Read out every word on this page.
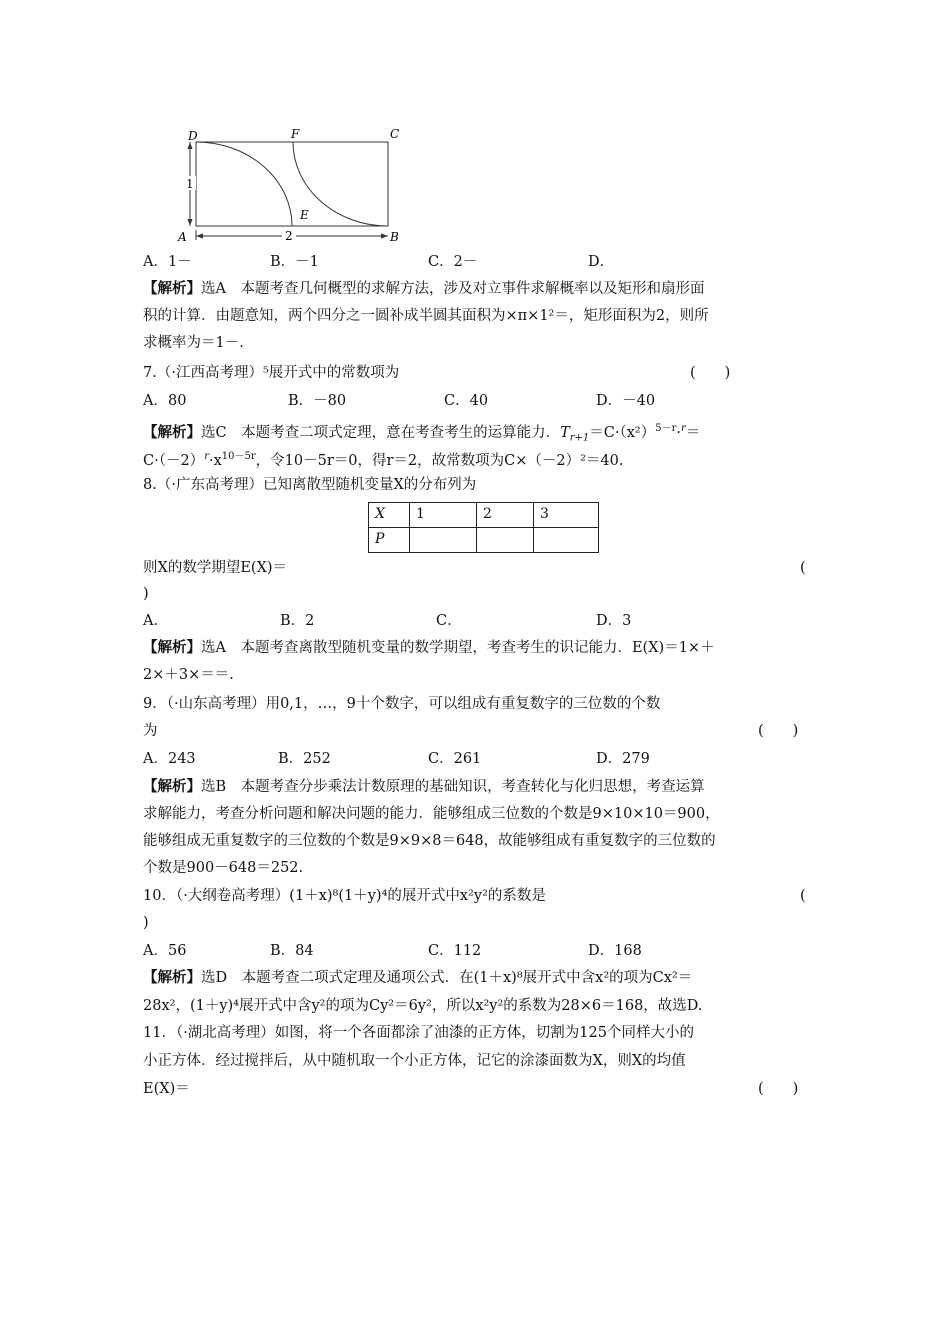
1
2
D	F	C
E
A	B
A．1－	B．－1	C．2－	D．
【解析】选A　本题考查几何概型的求解方法，涉及对立事件求解概率以及矩形和扇形面
积的计算．由题意知，两个四分之一圆补成半圆其面积为×π×1²＝，矩形面积为2，则所
求概率为＝1－.
7.（·江西高考理）⁵展开式中的常数项为	(　　)
A．80	B．－80	C．40	D．－40
【解析】选C　本题考查二项式定理，意在考查考生的运算能力．$T_{r+1}=C\cdot(x^2)^{5-r}\cdot^r=$
$C\cdot(-2)^r\cdot x^{10-5r}$，令10－5r＝0，得r＝2，故常数项为C×（－2）²＝40.
8.（·广东高考理）已知离散型随机变量X的分布列为
X	1	2	3
P			
则X的数学期望E(X)＝	(
)
A．	B．2	C．	D．3
【解析】选A　本题考查离散型随机变量的数学期望，考查考生的识记能力．E(X)＝1×＋
2×＋3×＝＝.
9．（·山东高考理）用0,1，…，9十个数字，可以组成有重复数字的三位数的个数
为	(　　)
A．243	B．252	C．261	D．279
【解析】选B　本题考查分步乘法计数原理的基础知识，考查转化与化归思想，考查运算
求解能力，考查分析问题和解决问题的能力．能够组成三位数的个数是9×10×10＝900，
能够组成无重复数字的三位数的个数是9×9×8＝648，故能够组成有重复数字的三位数的
个数是900－648＝252.
10．（·大纲卷高考理）(1＋x)⁸(1＋y)⁴的展开式中x²y²的系数是	(
)
A．56	B．84	C．112	D．168
【解析】选D　本题考查二项式定理及通项公式．在(1＋x)⁸展开式中含x²的项为Cx²＝
28x²，(1＋y)⁴展开式中含y²的项为Cy²＝6y²，所以x²y²的系数为28×6＝168，故选D.
11．（·湖北高考理）如图，将一个各面都涂了油漆的正方体，切割为125个同样大小的
小正方体．经过搅拌后，从中随机取一个小正方体，记它的涂漆面数为X，则X的均值
E(X)＝	(　　)
